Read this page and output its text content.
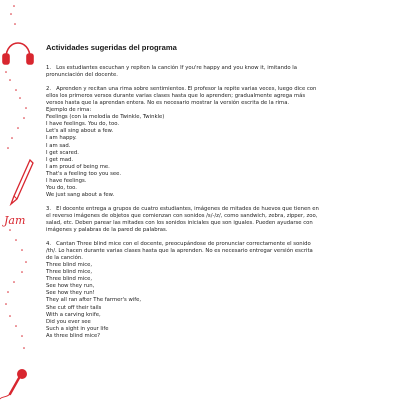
Jam
Actividades sugeridas del programa
1.   Los estudiantes escuchan y repiten la canción If you're happy and you know it, imitando la
pronunciación del docente.
2.   Aprenden y recitan una rima sobre sentimientos. El profesor la repite varias veces, luego dice con
ellos los primeros versos durante varias clases hasta que lo aprenden; gradualmente agrega más
versos hasta que la aprendan entera. No es necesario mostrar la versión escrita de la rima.
Ejemplo de rima:
Feelings (con la melodía de Twinkle, Twinkle)
I have feelings. You do, too.
Let's all sing about a few.
I am happy.
I am sad.
I get scared.
I get mad.
I am proud of being me.
That's a feeling too you see.
I have feelings.
You do, too.
We just sang about a few.
3.   El docente entrega a grupos de cuatro estudiantes, imágenes de mitades de huevos que tienen en
el reverso imágenes de objetos que comienzan con sonidos /s/-/z/, como sandwich, zebra, zipper, zoo,
salad, etc. Deben parear las mitades con los sonidos iniciales que son iguales. Pueden ayudarse con
imágenes y palabras de la pared de palabras.
4.   Cantan Three blind mice con el docente, preocupándose de pronunciar correctamente el sonido
/th/. Lo hacen durante varias clases hasta que la aprenden. No es necesario entregar versión escrita
de la canción.
Three blind mice,
Three blind mice,
Three blind mice,
See how they run,
See how they run!
They all ran after The farmer's wife,
She cut off their tails
With a carving knife,
Did you ever see
Such a sight in your life
As three blind mice?
